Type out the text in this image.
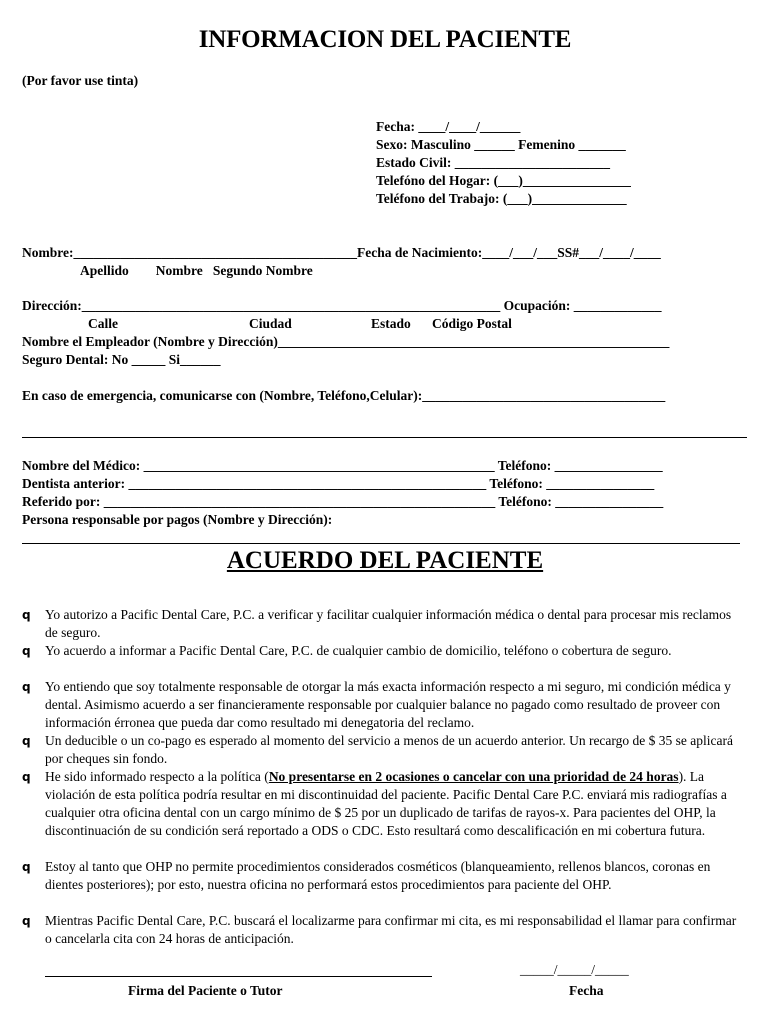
INFORMACION DEL PACIENTE
(Por favor use tinta)
Fecha: ____/____/______
Sexo: Masculino ______ Femenino _______
Estado Civil: _______________________
Telefóno del Hogar: (___)________________
Teléfono del Trabajo: (___)______________
Nombre:__________________________________________Fecha de Nacimiento:____/___/___SS#___/____/____
Apellido        Nombre   Segundo Nombre
Dirección:______________________________________________________________ Ocupación: _____________
Calle	Ciudad	Estado Código Postal
Nombre el Empleador (Nombre y Dirección)__________________________________________________________
Seguro Dental: No _____ Si______
En caso de emergencia, comunicarse con (Nombre, Teléfono,Celular):____________________________________
Nombre del Médico: ____________________________________________________ Teléfono: ________________
Dentista anterior: _____________________________________________________ Teléfono: ________________
Referido por: __________________________________________________________ Teléfono: ________________
Persona responsable por pagos (Nombre y Dirección):
ACUERDO DEL PACIENTE
q Yo autorizo a Pacific Dental Care, P.C. a verificar y facilitar cualquier información médica o dental para procesar mis reclamos de seguro.
q Yo acuerdo a informar a Pacific Dental Care, P.C. de cualquier cambio de domicilio, teléfono o cobertura de seguro.
q Yo entiendo que soy totalmente responsable de otorgar la más exacta información respecto a mi seguro, mi condición médica y dental. Asimismo acuerdo a ser financieramente responsable por cualquier balance no pagado como resultado de proveer con información érronea que pueda dar como resultado mi denegatoria del reclamo.
q Un deducible o un co-pago es esperado al momento del servicio a menos de un acuerdo anterior. Un recargo de $ 35 se aplicará por cheques sin fondo.
q He sido informado respecto a la política (No presentarse en 2 ocasiones o cancelar con una prioridad de 24 horas). La violación de esta política podría resultar en mi discontinuidad del paciente. Pacific Dental Care P.C. enviará mis radiografías a cualquier otra oficina dental con un cargo mínimo de $ 25 por un duplicado de tarifas de rayos-x. Para pacientes del OHP, la discontinuación de su condición será reportado a ODS o CDC. Esto resultará como descalificación en mi cobertura futura.
q Estoy al tanto que OHP no permite procedimientos considerados cosméticos (blanqueamiento, rellenos blancos, coronas en dientes posteriores); por esto, nuestra oficina no performará estos procedimientos para paciente del OHP.
q Mientras Pacific Dental Care, P.C. buscará el localizarme para confirmar mi cita, es mi responsabilidad el llamar para confirmar o cancelarla cita con 24 horas de anticipación.
_____/_____/_____
Firma del Paciente o Tutor	Fecha
